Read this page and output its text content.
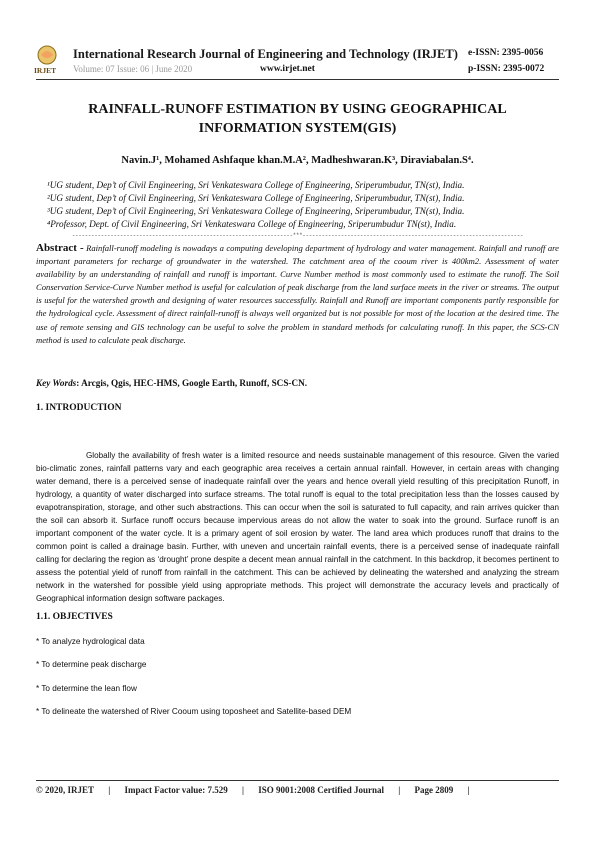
IRJET
International Research Journal of Engineering and Technology (IRJET) e-ISSN: 2395-0056
Volume: 07 Issue: 06 | June 2020	www.irjet.net	p-ISSN: 2395-0072
RAINFALL-RUNOFF ESTIMATION BY USING GEOGRAPHICAL
INFORMATION SYSTEM(GIS)
Navin.J¹, Mohamed Ashfaque khan.M.A², Madheshwaran.K³, Diraviabalan.S⁴.
¹UG student, Dep’t of Civil Engineering, Sri Venkateswara College of Engineering, Sriperumbudur, TN(st), India.
²UG student, Dep’t of Civil Engineering, Sri Venkateswara College of Engineering, Sriperumbudur, TN(st), India.
³UG student, Dep’t of Civil Engineering, Sri Venkateswara College of Engineering, Sriperumbudur, TN(st), India.
⁴Professor, Dept. of Civil Engineering, Sri Venkateswara College of Engineering, Sriperumbudur TN(st), India.
---------------------------------------------------------------------***---------------------------------------------------------------------
Abstract - Rainfall-runoff modeling is nowadays a computing developing department of hydrology and water management. Rainfall and runoff are important parameters for recharge of groundwater in the watershed. The catchment area of the cooum river is 400km2. Assessment of water availability by an understanding of rainfall and runoff is important. Curve Number method is most commonly used to estimate the runoff. The Soil Conservation Service-Curve Number method is useful for calculation of peak discharge from the land surface meets in the river or streams. The output is useful for the watershed growth and designing of water resources successfully. Rainfall and Runoff are important components partly responsible for the hydrological cycle. Assessment of direct rainfall-runoff is always well organized but is not possible for most of the location at the desired time. The use of remote sensing and GIS technology can be useful to solve the problem in standard methods for calculating runoff. In this paper, the SCS-CN method is used to calculate peak discharge.
Key Words: Arcgis, Qgis, HEC-HMS, Google Earth, Runoff, SCS-CN.
1. INTRODUCTION
Globally the availability of fresh water is a limited resource and needs sustainable management of this resource. Given the varied bio-climatic zones, rainfall patterns vary and each geographic area receives a certain annual rainfall. However, in certain areas with changing water demand, there is a perceived sense of inadequate rainfall over the years and hence overall yield resulting of this precipitation Runoff, in hydrology, a quantity of water discharged into surface streams. The total runoff is equal to the total precipitation less than the losses caused by evapotranspiration, storage, and other such abstractions. This can occur when the soil is saturated to full capacity, and rain arrives quicker than the soil can absorb it. Surface runoff occurs because impervious areas do not allow the water to soak into the ground. Surface runoff is an important component of the water cycle. It is a primary agent of soil erosion by water. The land area which produces runoff that drains to the common point is called a drainage basin. Further, with uneven and uncertain rainfall events, there is a perceived sense of inadequate rainfall calling for declaring the region as ‘drought’ prone despite a decent mean annual rainfall in the catchment. In this backdrop, it becomes pertinent to assess the potential yield of runoff from rainfall in the catchment. This can be achieved by delineating the watershed and analyzing the stream network in the watershed for possible yield using appropriate methods. This project will demonstrate the accuracy levels and practically of Geographical information design software packages.
1.1. OBJECTIVES
* To analyze hydrological data
* To determine peak discharge
* To determine the lean flow
* To delineate the watershed of River Cooum using toposheet and Satellite-based DEM
© 2020, IRJET | Impact Factor value: 7.529 | ISO 9001:2008 Certified Journal | Page 2809 |
